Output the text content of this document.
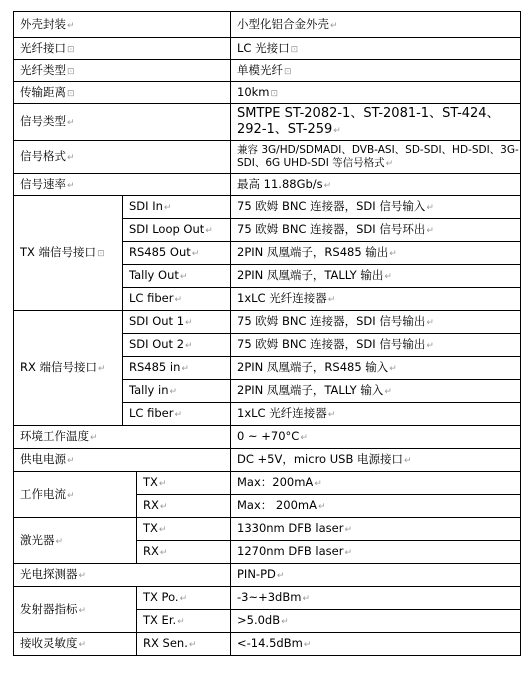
外壳封装↵			小型化铝合金外壳↵
光纤接口⊡			LC 光接口⊡
光纤类型⊡			单模光纤⊡
传输距离⊡			10km⊡
信号类型↵			SMTPE ST-2082-1、ST-2081-1、ST-424、292-1、ST-259↵
信号格式↵			兼容 3G/HD/SDMADI、DVB-ASI、SD-SDI、HD-SDI、3G-SDI、6G UHD-SDI 等信号格式↵
信号速率↵			最高 11.88Gb/s↵
TX 端信号接口⊡	SDI In↵		75 欧姆 BNC 连接器，SDI 信号输入↵
	SDI Loop Out↵		75 欧姆 BNC 连接器，SDI 信号环出↵
	RS485 Out↵		2PIN 凤凰端子，RS485 输出↵
	Tally Out↵		2PIN 凤凰端子，TALLY 输出↵
	LC fiber↵		1xLC 光纤连接器↵
RX 端信号接口↵	SDI Out 1↵		75 欧姆 BNC 连接器，SDI 信号输出↵
	SDI Out 2↵		75 欧姆 BNC 连接器，SDI 信号输出↵
	RS485 in↵		2PIN 凤凰端子，RS485 输入↵
	Tally in↵		2PIN 凤凰端子，TALLY 输入↵
	LC fiber↵		1xLC 光纤连接器↵
环境工作温度↵			0 ~ +70°C↵
供电电源↵			DC +5V，micro USB 电源接口↵
工作电流↵		TX↵	Max：200mA↵
		RX↵	Max： 200mA↵
激光器↵		TX↵	1330nm DFB laser↵
		RX↵	1270nm DFB laser↵
光电探测器↵			PIN-PD↵
发射器指标↵		TX Po.↵	-3~+3dBm↵
		TX Er.↵	>5.0dB↵
接收灵敏度↵		RX Sen.↵	<-14.5dBm↵
